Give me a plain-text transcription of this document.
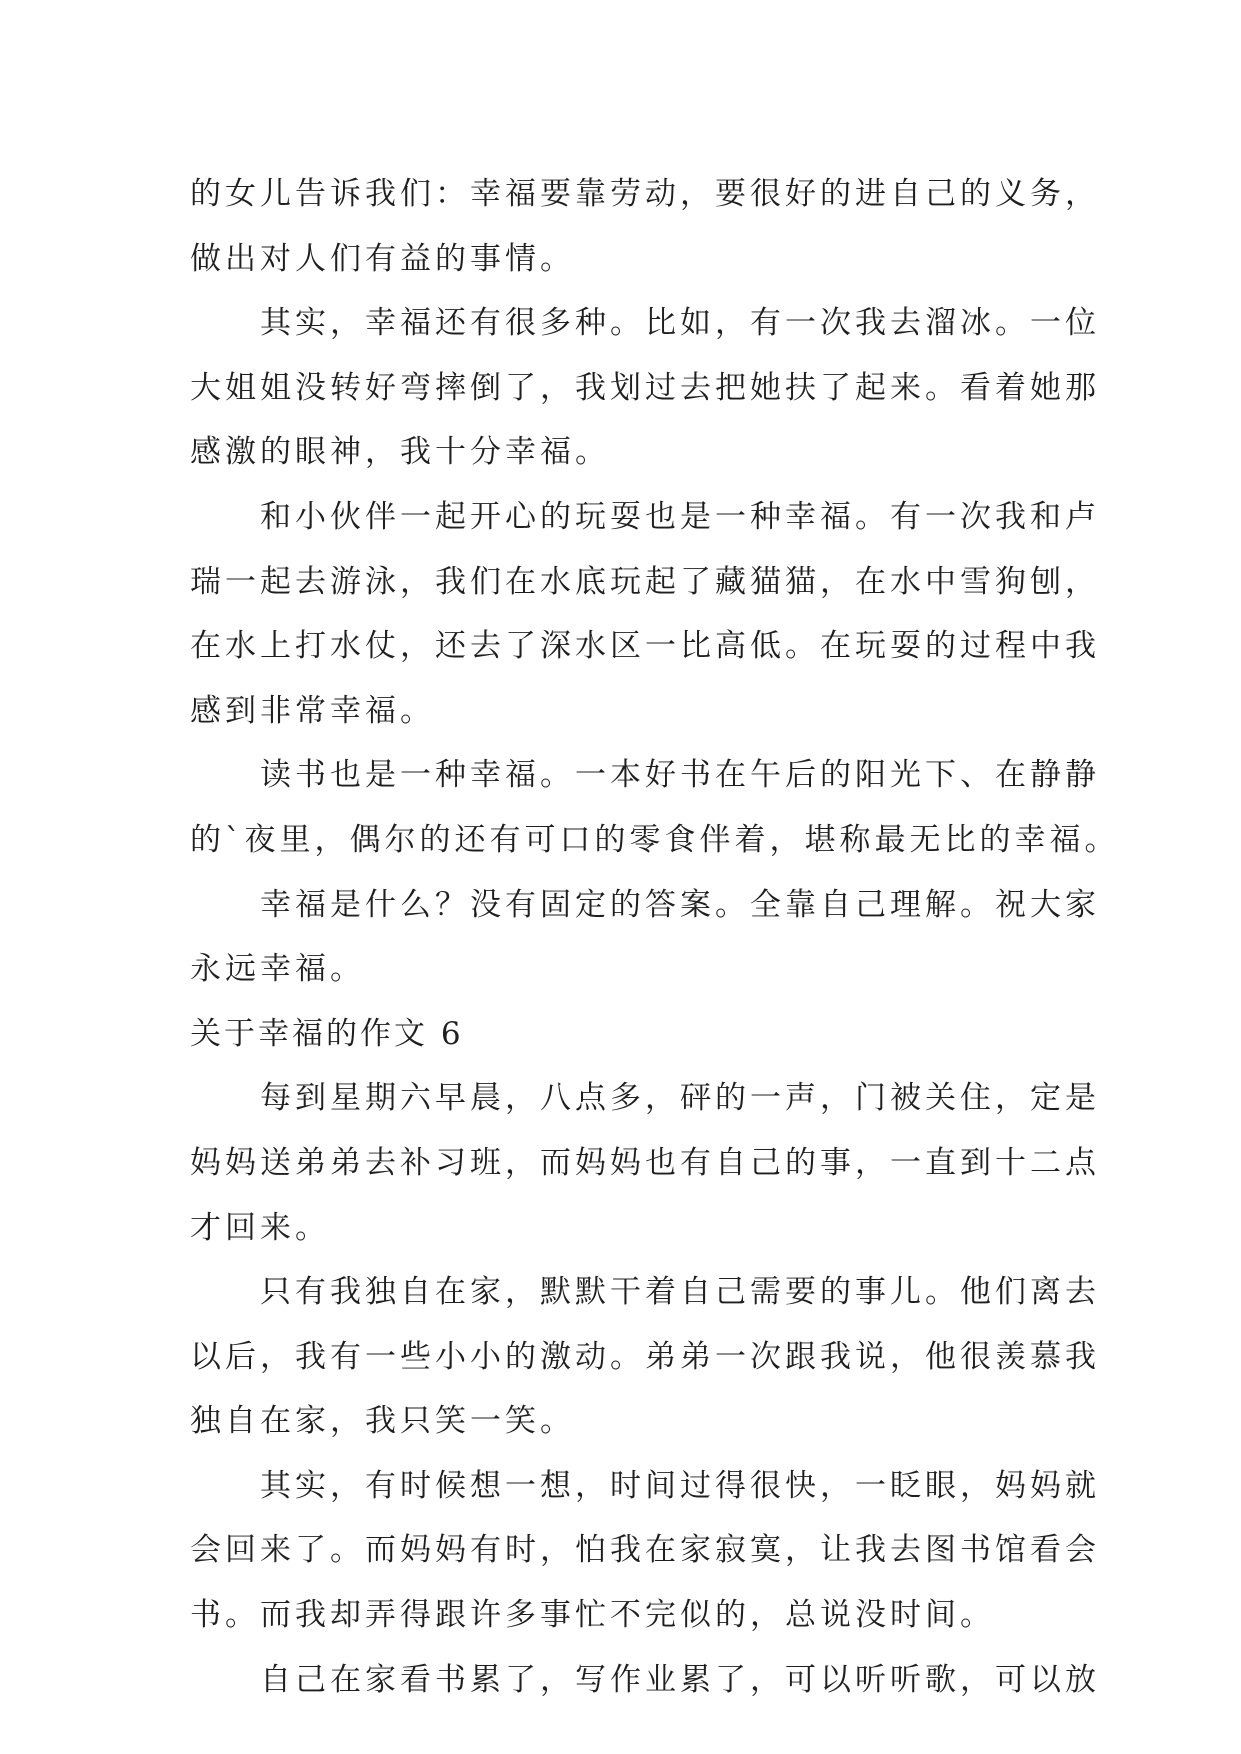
的女儿告诉我们：幸福要靠劳动，要很好的进自己的义务，
做出对人们有益的事情。
其实，幸福还有很多种。比如，有一次我去溜冰。一位
大姐姐没转好弯摔倒了，我划过去把她扶了起来。看着她那
感激的眼神，我十分幸福。
和小伙伴一起开心的玩耍也是一种幸福。有一次我和卢
瑞一起去游泳，我们在水底玩起了藏猫猫，在水中雪狗刨，
在水上打水仗，还去了深水区一比高低。在玩耍的过程中我
感到非常幸福。
读书也是一种幸福。一本好书在午后的阳光下、在静静
的`夜里，偶尔的还有可口的零食伴着，堪称最无比的幸福。
幸福是什么？没有固定的答案。全靠自己理解。祝大家
永远幸福。
关于幸福的作文 6
每到星期六早晨，八点多，砰的一声，门被关住，定是
妈妈送弟弟去补习班，而妈妈也有自己的事，一直到十二点
才回来。
只有我独自在家，默默干着自己需要的事儿。他们离去
以后，我有一些小小的激动。弟弟一次跟我说，他很羡慕我
独自在家，我只笑一笑。
其实，有时候想一想，时间过得很快，一眨眼，妈妈就
会回来了。而妈妈有时，怕我在家寂寞，让我去图书馆看会
书。而我却弄得跟许多事忙不完似的，总说没时间。
自己在家看书累了，写作业累了，可以听听歌，可以放
